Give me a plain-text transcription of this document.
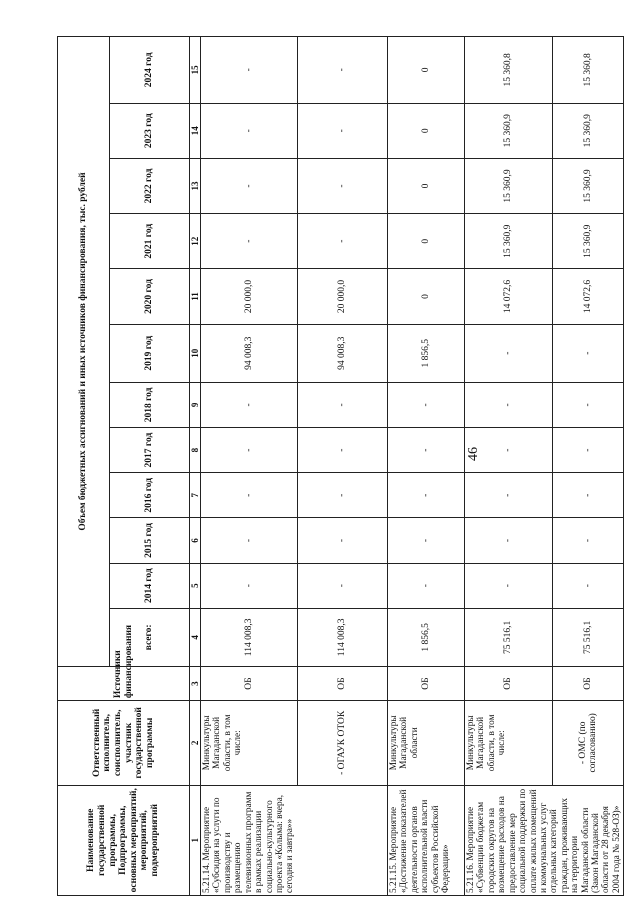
46
Наименование государственной программы, Подпрограммы, основных мероприятий, мероприятий, подмероприятий	Ответственный исполнитель, соисполнитель, участник государственной программы	Источники финансирования	Объем бюджетных ассигнований и иных источников финансирования, тыс. рублей											
			всего:	2014 год	2015 год	2016 год	2017 год	2018 год	2019 год	2020 год	2021 год	2022 год	2023 год	2024 год
1	2	3	4	5	6	7	8	9	10	11	12	13	14	15
5.21.14. Мероприятие «Субсидия на услуги по производству и размещению телевизионных программ в рамках реализации социально-культурного проекта «Колыма: вчера, сегодня и завтра»»	Минкультуры Магаданской области, в том числе:	ОБ	114 008,3	-	-	-	-	-	94 008,3	20 000,0	-	-	-	-
	- ОГАУК ОТОК	ОБ	114 008,3	-	-	-	-	-	94 008,3	20 000,0	-	-	-	-
5.21.15. Мероприятие «Достижение показателей деятельности органов исполнительной власти субъектов Российской Федерации»	Минкультуры Магаданской области	ОБ	1 856,5	-	-	-	-	-	1 856,5	0	0	0	0	0
5.21.16. Мероприятие «Субвенции бюджетам городских округов на возмещение расходов на предоставление мер социальной поддержки по оплате жилых помещений и коммунальных услуг отдельных категорий граждан, проживающих на территории Магаданской области (Закон Магаданской области от 28 декабря 2004 года № 528-ОЗ)»	Минкультуры Магаданской области, в том числе:	ОБ	75 516,1	-	-	-	-	-	-	14 072,6	15 360,9	15 360,9	15 360,9	15 360,8
	- ОМС (по согласованию)	ОБ	75 516,1	-	-	-	-	-	-	14 072,6	15 360,9	15 360,9	15 360,9	15 360,8
